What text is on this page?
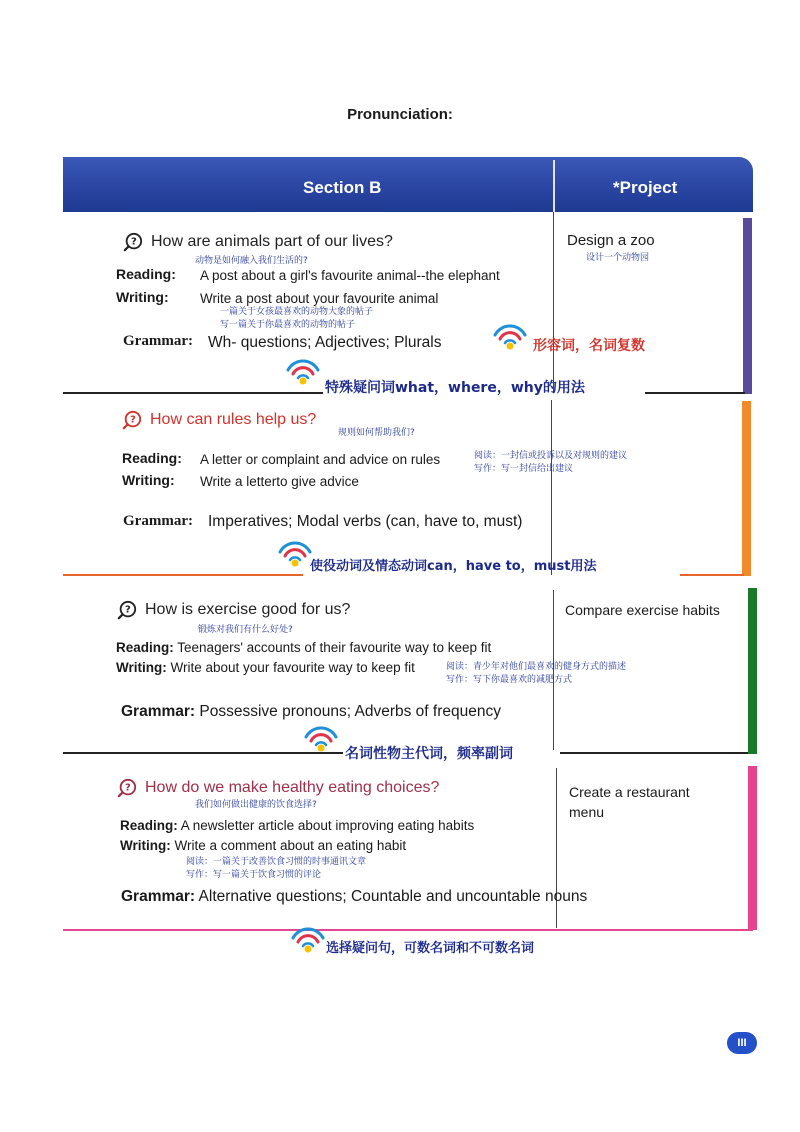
Pronunciation:
Section B	*Project
How are animals part of our lives?
动物是如何融入我们生活的?
Reading: A post about a girl's favourite animal--the elephant
Writing: Write a post about your favourite animal
一篇关于女孩最喜欢的动物大象的帖子
写一篇关于你最喜欢的动物的帖子
Grammar: Wh- questions; Adjectives; Plurals
Design a zoo
设计一个动物园
形容词，名词复数
特殊疑问词what，where，why的用法
How can rules help us?
规则如何帮助我们?
Reading: A letter or complaint and advice on rules
Writing: Write a letterto give advice
阅读：一封信或投诉以及对规则的建议
写作：写一封信给出建议
Grammar: Imperatives; Modal verbs (can, have to, must)
使役动词及情态动词can，have to，must用法
How is exercise good for us?
锻炼对我们有什么好处?
Reading: Teenagers' accounts of their favourite way to keep fit
Writing: Write about your favourite way to keep fit	阅读：青少年对他们最喜欢的健身方式的描述
写作：写下你最喜欢的减肥方式
Grammar: Possessive pronouns; Adverbs of frequency
Compare exercise habits
名词性物主代词，频率副词
How do we make healthy eating choices?
我们如何做出健康的饮食选择?
Reading: A newsletter article about improving eating habits
Writing: Write a comment about an eating habit
阅读：一篇关于改善饮食习惯的时事通讯文章
写作：写一篇关于饮食习惯的评论
Grammar: Alternative questions; Countable and uncountable nouns
Create a restaurant
menu
选择疑问句，可数名词和不可数名词
III
